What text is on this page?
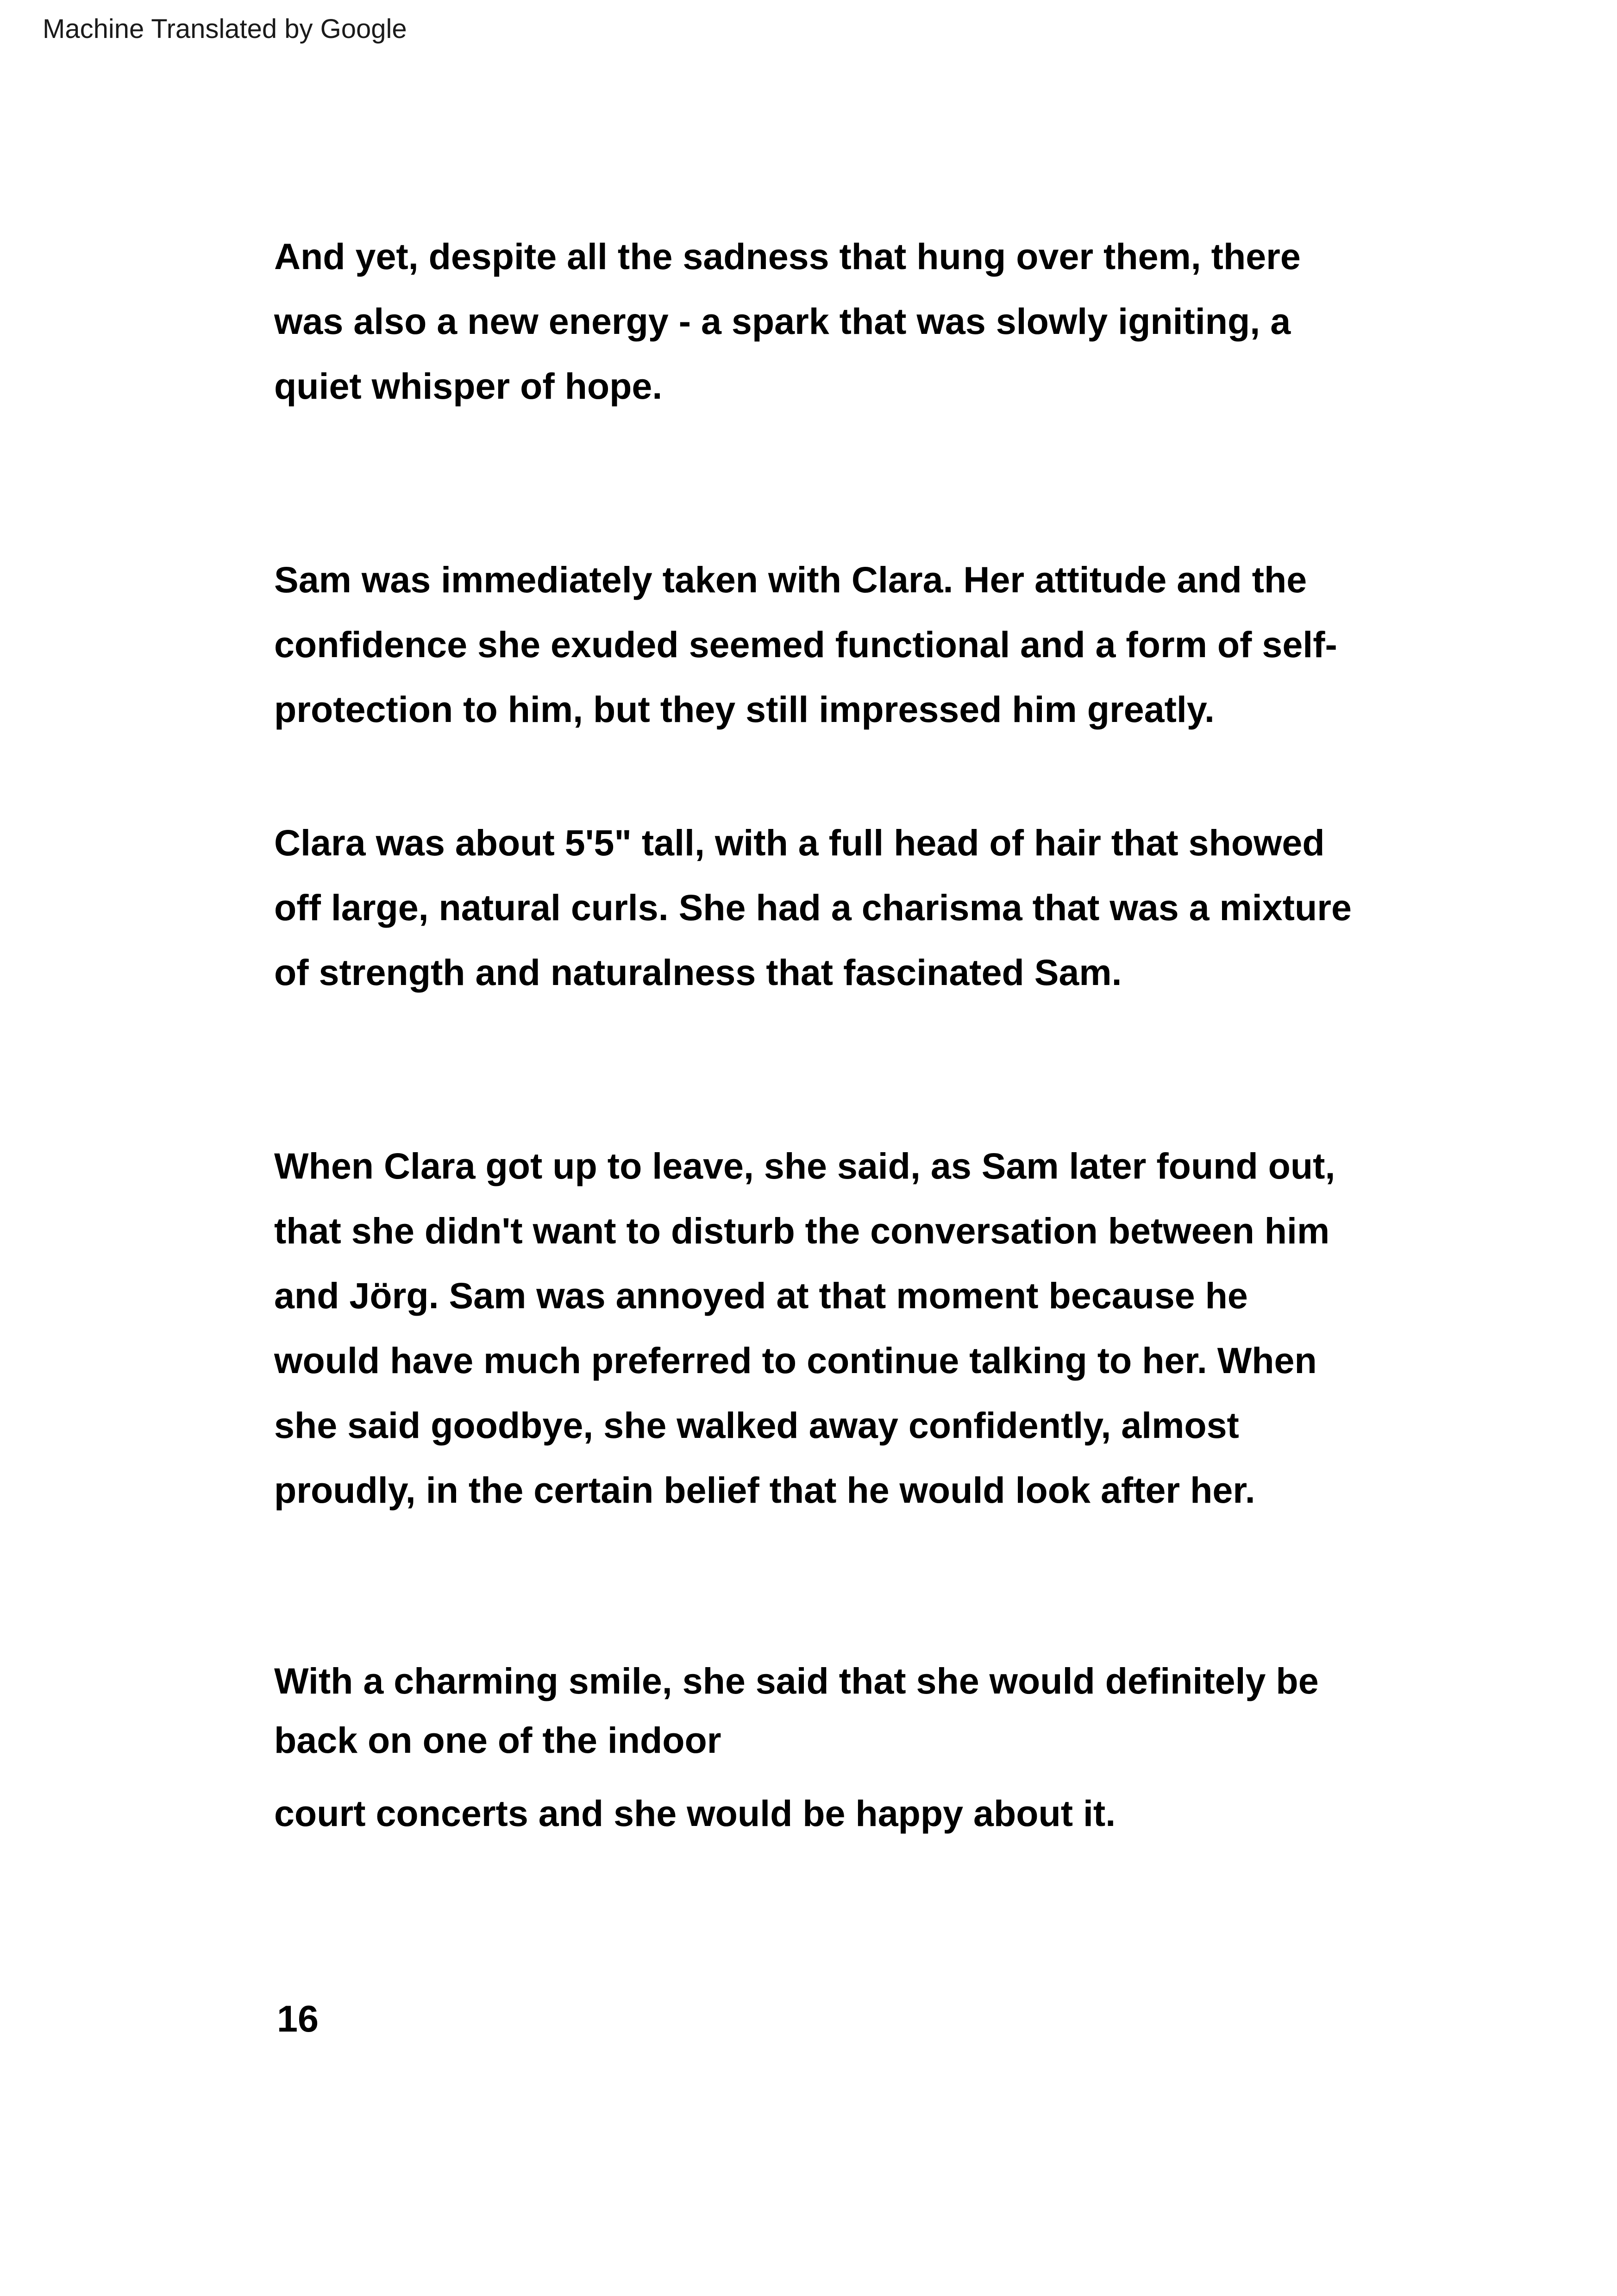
Machine Translated by Google
And yet, despite all the sadness that hung over them, there
was also a new energy - a spark that was slowly igniting, a
quiet whisper of hope.
Sam was immediately taken with Clara. Her attitude and the
confidence she exuded seemed functional and a form of self-
protection to him, but they still impressed him greatly.
Clara was about 5'5" tall, with a full head of hair that showed
off large, natural curls. She had a charisma that was a mixture
of strength and naturalness that fascinated Sam.
When Clara got up to leave, she said, as Sam later found out,
that she didn't want to disturb the conversation between him
and Jörg. Sam was annoyed at that moment because he
would have much preferred to continue talking to her. When
she said goodbye, she walked away confidently, almost
proudly, in the certain belief that he would look after her.
With a charming smile, she said that she would definitely be
back on one of the indoor
court concerts and she would be happy about it.
16
